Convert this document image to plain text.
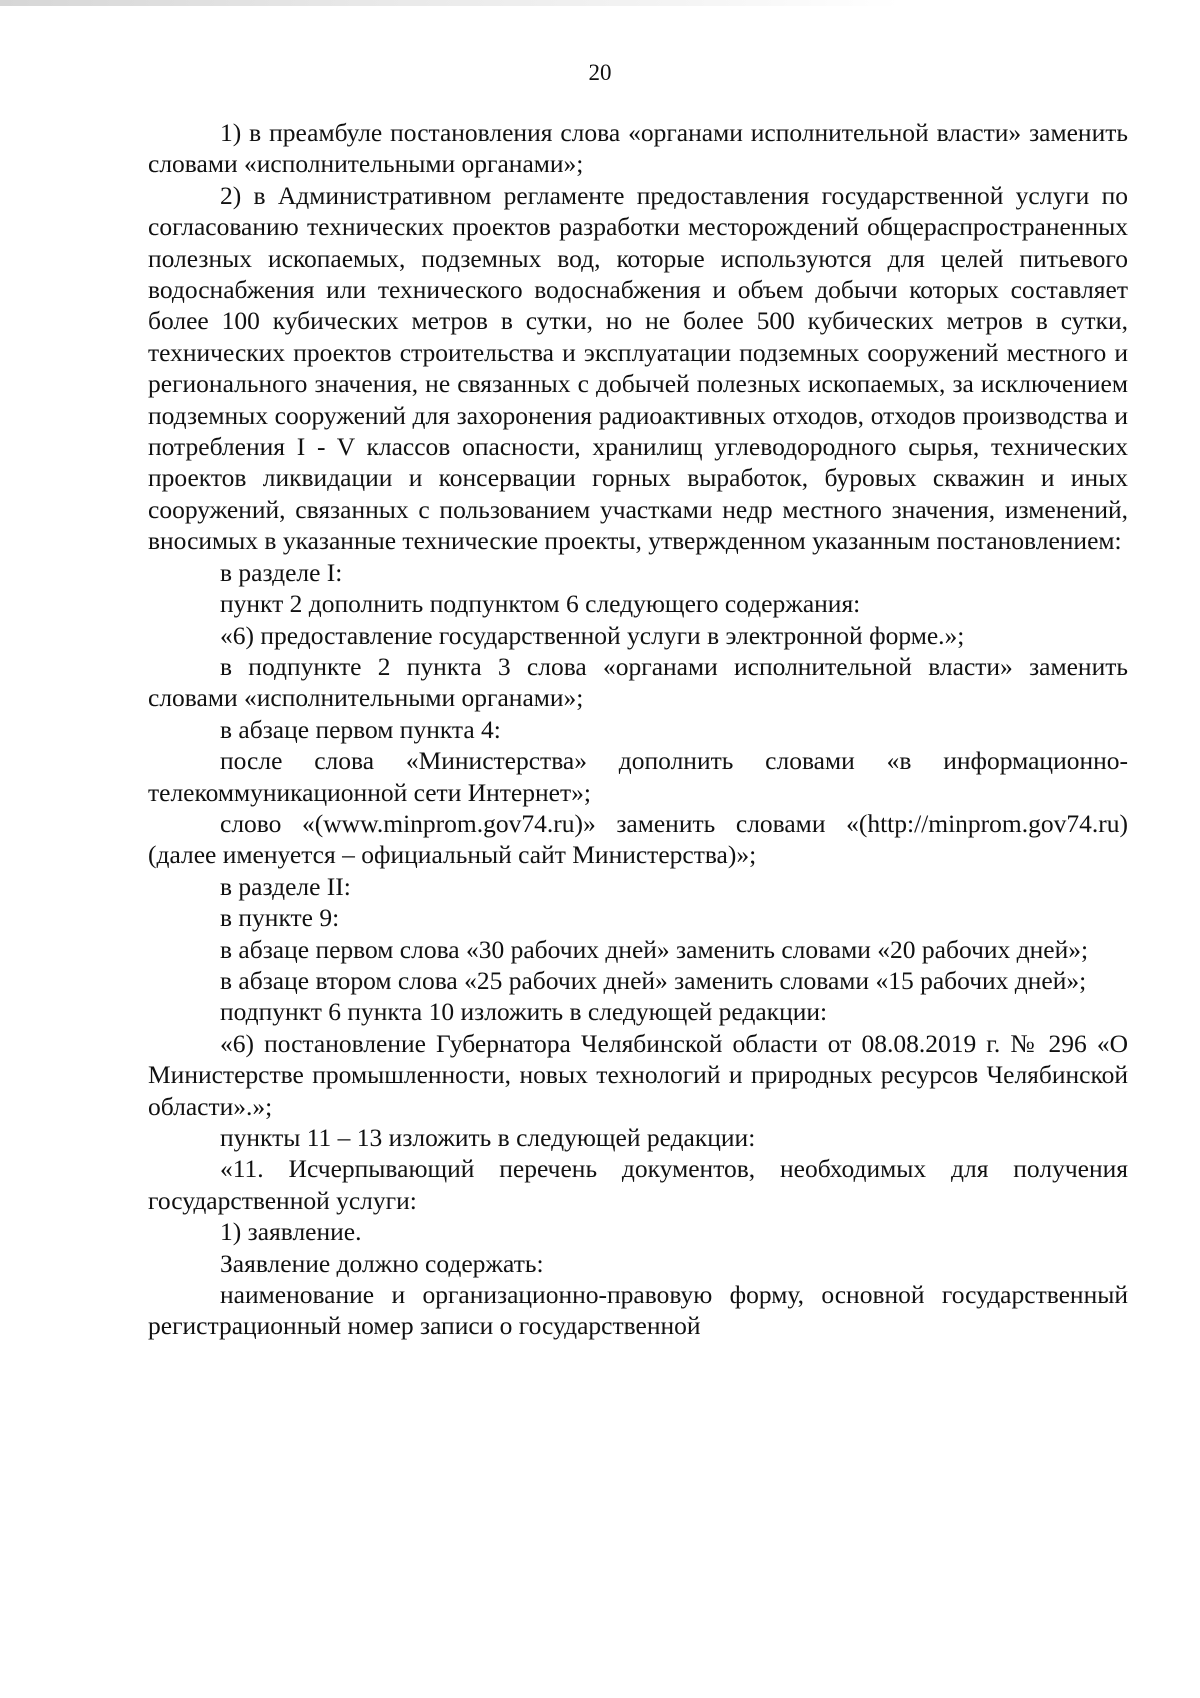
20

1) в преамбуле постановления слова «органами исполнительной власти» заменить словами «исполнительными органами»;

2) в Административном регламенте предоставления государственной услуги по согласованию технических проектов разработки месторождений общераспространенных полезных ископаемых, подземных вод, которые используются для целей питьевого водоснабжения или технического водоснабжения и объем добычи которых составляет более 100 кубических метров в сутки, но не более 500 кубических метров в сутки, технических проектов строительства и эксплуатации подземных сооружений местного и регионального значения, не связанных с добычей полезных ископаемых, за исключением подземных сооружений для захоронения радиоактивных отходов, отходов производства и потребления I - V классов опасности, хранилищ углеводородного сырья, технических проектов ликвидации и консервации горных выработок, буровых скважин и иных сооружений, связанных с пользованием участками недр местного значения, изменений, вносимых в указанные технические проекты, утвержденном указанным постановлением:

в разделе I:

пункт 2 дополнить подпунктом 6 следующего содержания:

«6) предоставление государственной услуги в электронной форме.»;

в подпункте 2 пункта 3 слова «органами исполнительной власти» заменить словами «исполнительными органами»;

в абзаце первом пункта 4:

после слова «Министерства» дополнить словами «в информационно-телекоммуникационной сети Интернет»;

слово «(www.minprom.gov74.ru)» заменить словами «(http://minprom.gov74.ru) (далее именуется – официальный сайт Министерства)»;

в разделе II:

в пункте 9:

в абзаце первом слова «30 рабочих дней» заменить словами «20 рабочих дней»;

в абзаце втором слова «25 рабочих дней» заменить словами «15 рабочих дней»;

подпункт 6 пункта 10 изложить в следующей редакции:

«6) постановление Губернатора Челябинской области от 08.08.2019 г. № 296 «О Министерстве промышленности, новых технологий и природных ресурсов Челябинской области».»;

пункты 11 – 13 изложить в следующей редакции:

«11. Исчерпывающий перечень документов, необходимых для получения государственной услуги:

1) заявление.

Заявление должно содержать:

наименование и организационно-правовую форму, основной государственный регистрационный номер записи о государственной
